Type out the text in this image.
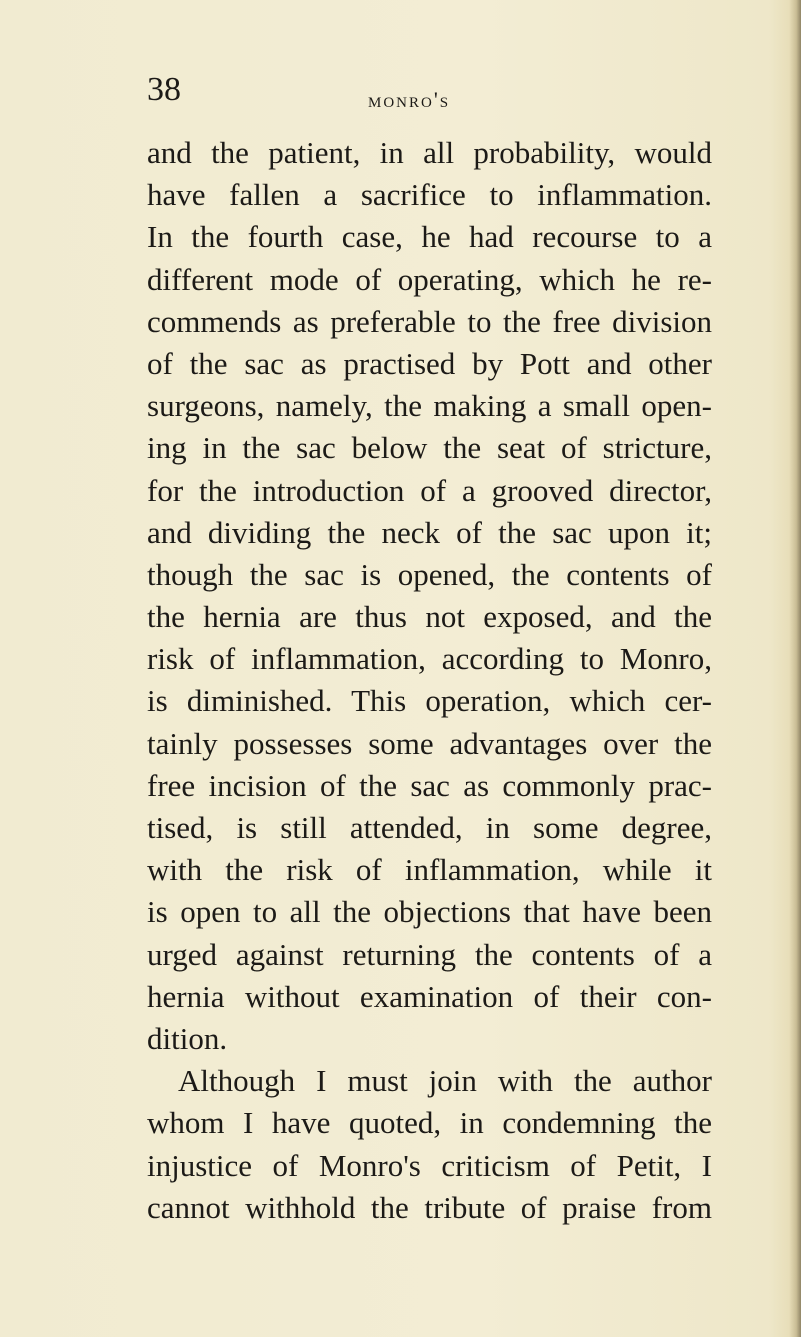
38	monro's
and the patient, in all probability, would
have fallen a sacrifice to inflammation.
In the fourth case, he had recourse to a
different mode of operating, which he re-
commends as preferable to the free division
of the sac as practised by Pott and other
surgeons, namely, the making a small open-
ing in the sac below the seat of stricture,
for the introduction of a grooved director,
and dividing the neck of the sac upon it;
though the sac is opened, the contents of
the hernia are thus not exposed, and the
risk of inflammation, according to Monro,
is diminished. This operation, which cer-
tainly possesses some advantages over the
free incision of the sac as commonly prac-
tised, is still attended, in some degree,
with the risk of inflammation, while it
is open to all the objections that have been
urged against returning the contents of a
hernia without examination of their con-
dition.
Although I must join with the author
whom I have quoted, in condemning the
injustice of Monro's criticism of Petit, I
cannot withhold the tribute of praise from
